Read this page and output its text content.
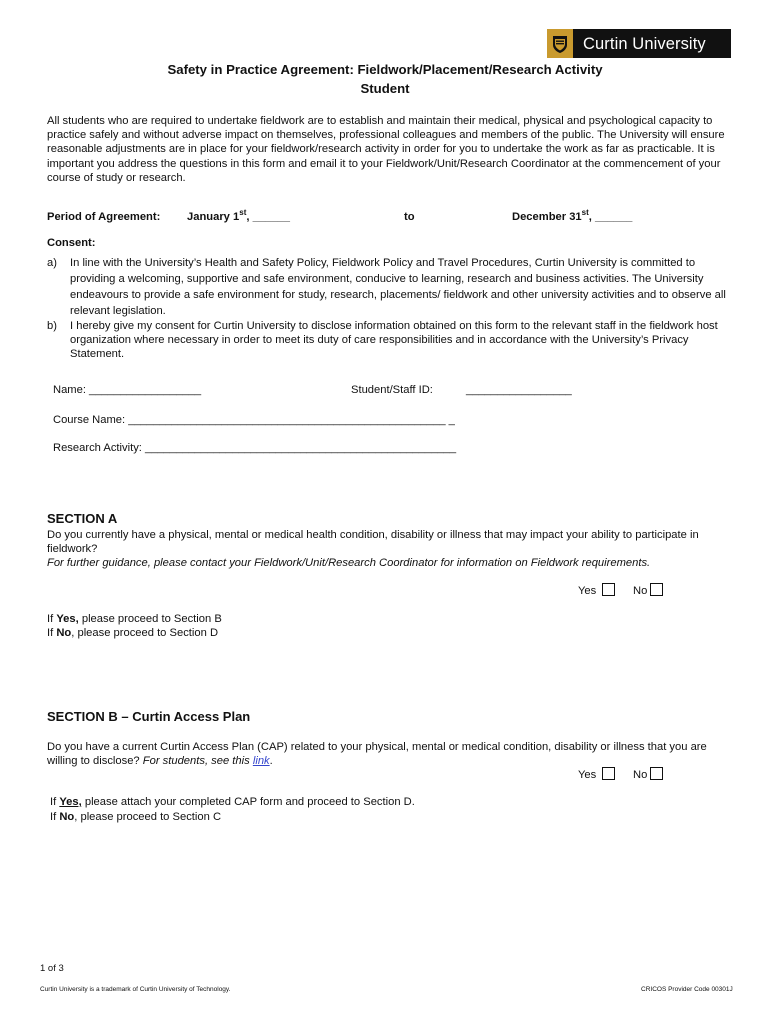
Curtin University
Safety in Practice Agreement: Fieldwork/Placement/Research Activity
Student
All students who are required to undertake fieldwork are to establish and maintain their medical, physical and psychological capacity to practice safely and without adverse impact on themselves, professional colleagues and members of the public. The University will ensure reasonable adjustments are in place for your fieldwork/research activity in order for you to undertake the work as far as practicable. It is important you address the questions in this form and email it to your Fieldwork/Unit/Research Coordinator at the commencement of your course of study or research.
Period of Agreement: January 1st, ______	to	December 31st, ______
Consent:
a) In line with the University’s Health and Safety Policy, Fieldwork Policy and Travel Procedures, Curtin University is committed to providing a welcoming, supportive and safe environment, conducive to learning, research and business activities. The University endeavours to provide a safe environment for study, research, placements/ fieldwork and other university activities and to observe all relevant legislation.
b) I hereby give my consent for Curtin University to disclose information obtained on this form to the relevant staff in the fieldwork host organization where necessary in order to meet its duty of care responsibilities and in accordance with the University’s Privacy Statement.
Name: __________________	Student/Staff ID:	_________________
Course Name: ___________________________________________________ _
Research Activity: __________________________________________________
SECTION A
Do you currently have a physical, mental or medical health condition, disability or illness that may impact your ability to participate in fieldwork?
For further guidance, please contact your Fieldwork/Unit/Research Coordinator for information on Fieldwork requirements.
Yes	No
If Yes, please proceed to Section B
If No, please proceed to Section D
SECTION B – Curtin Access Plan
Do you have a current Curtin Access Plan (CAP) related to your physical, mental or medical condition, disability or illness that you are willing to disclose? For students, see this link.
Yes	No
If Yes, please attach your completed CAP form and proceed to Section D.
If No, please proceed to Section C
1 of 3
Curtin University is a trademark of Curtin University of Technology.	CRICOS Provider Code 00301J
